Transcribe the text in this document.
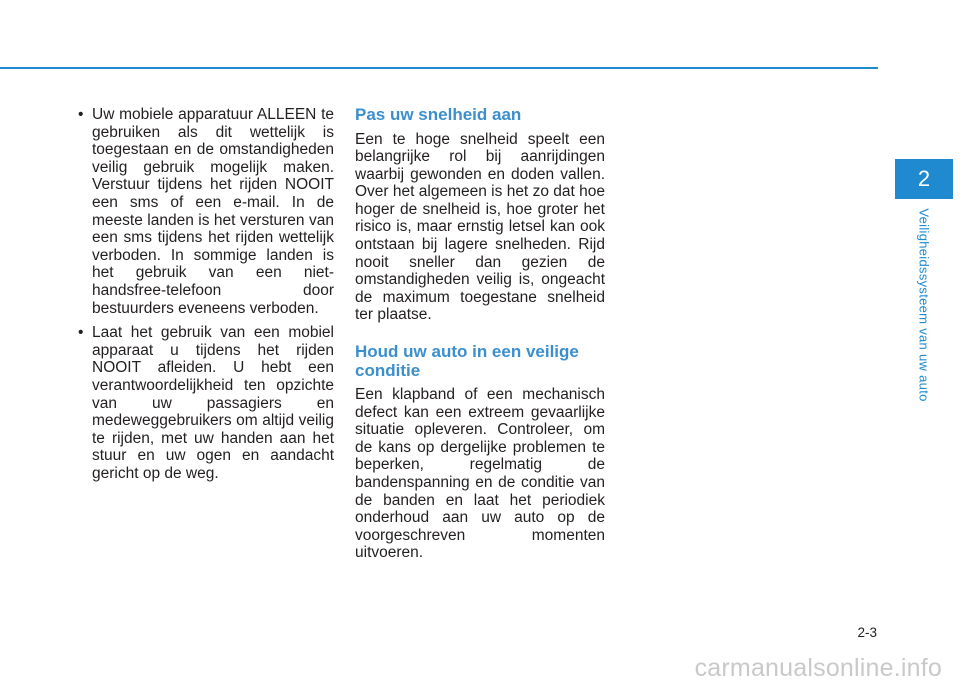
• Uw mobiele apparatuur ALLEEN te gebruiken als dit wettelijk is toegestaan en de omstandigheden veilig gebruik mogelijk maken. Verstuur tijdens het rijden NOOIT een sms of een e-mail. In de meeste landen is het versturen van een sms tijdens het rijden wettelijk verboden. In sommige landen is het gebruik van een niet-handsfree-telefoon door bestuurders eveneens verboden.
• Laat het gebruik van een mobiel apparaat u tijdens het rijden NOOIT afleiden. U hebt een verantwoordelijkheid ten opzichte van uw passagiers en medeweggebruikers om altijd veilig te rijden, met uw handen aan het stuur en uw ogen en aandacht gericht op de weg.
Pas uw snelheid aan

Een te hoge snelheid speelt een belangrijke rol bij aanrijdingen waarbij gewonden en doden vallen. Over het algemeen is het zo dat hoe hoger de snelheid is, hoe groter het risico is, maar ernstig letsel kan ook ontstaan bij lagere snelheden. Rijd nooit sneller dan gezien de omstandigheden veilig is, ongeacht de maximum toegestane snelheid ter plaatse.

Houd uw auto in een veilige conditie

Een klapband of een mechanisch defect kan een extreem gevaarlijke situatie opleveren. Controleer, om de kans op dergelijke problemen te beperken, regelmatig de bandenspanning en de conditie van de banden en laat het periodiek onderhoud aan uw auto op de voorgeschreven momenten uitvoeren.

2
Veiligheidssysteem van uw auto
2-3
carmanualsonline.info
